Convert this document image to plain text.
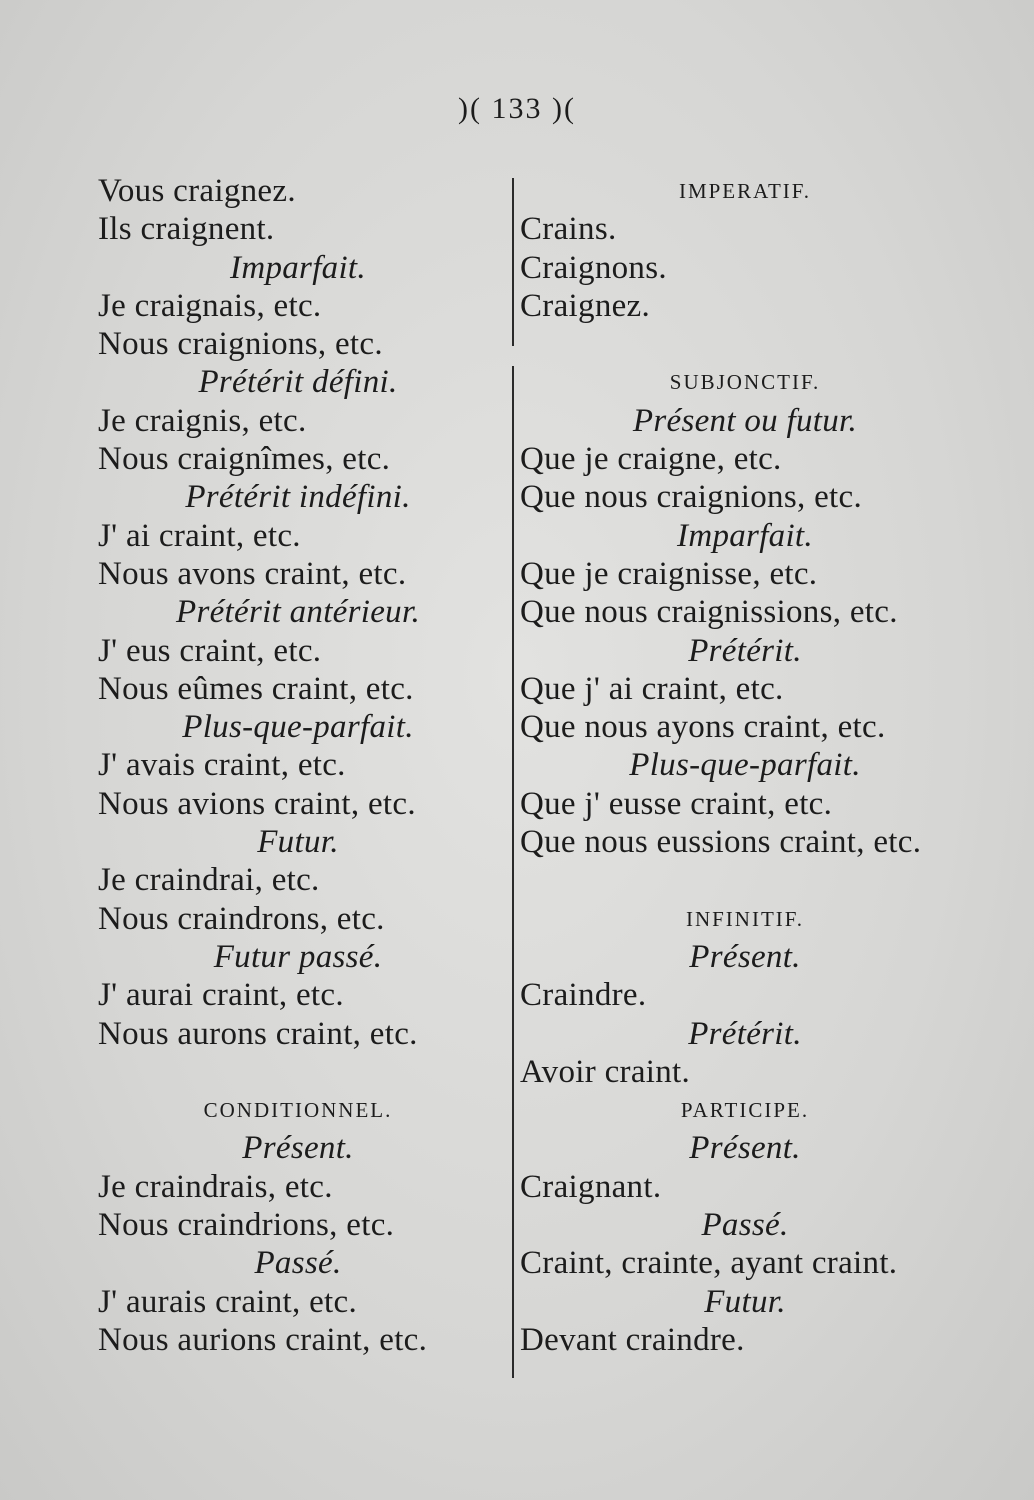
)( 133 )(
Vous craignez.
Ils craignent.
Imparfait.
Je craignais, etc.
Nous craignions, etc.
Prétérit défini.
Je craignis, etc.
Nous craignîmes, etc.
Prétérit indéfini.
J' ai craint, etc.
Nous avons craint, etc.
Prétérit antérieur.
J' eus craint, etc.
Nous eûmes craint, etc.
Plus-que-parfait.
J' avais craint, etc.
Nous avions craint, etc.
Futur.
Je craindrai, etc.
Nous craindrons, etc.
Futur passé.
J' aurai craint, etc.
Nous aurons craint, etc.
CONDITIONNEL.
Présent.
Je craindrais, etc.
Nous craindrions, etc.
Passé.
J' aurais craint, etc.
Nous aurions craint, etc.
IMPERATIF.
Crains.
Craignons.
Craignez.
SUBJONCTIF.
Présent ou futur.
Que je craigne, etc.
Que nous craignions, etc.
Imparfait.
Que je craignisse, etc.
Que nous craignissions, etc.
Prétérit.
Que j' ai craint, etc.
Que nous ayons craint, etc.
Plus-que-parfait.
Que j' eusse craint, etc.
Que nous eussions craint, etc.
INFINITIF.
Présent.
Craindre.
Prétérit.
Avoir craint.
PARTICIPE.
Présent.
Craignant.
Passé.
Craint, crainte, ayant craint.
Futur.
Devant craindre.
